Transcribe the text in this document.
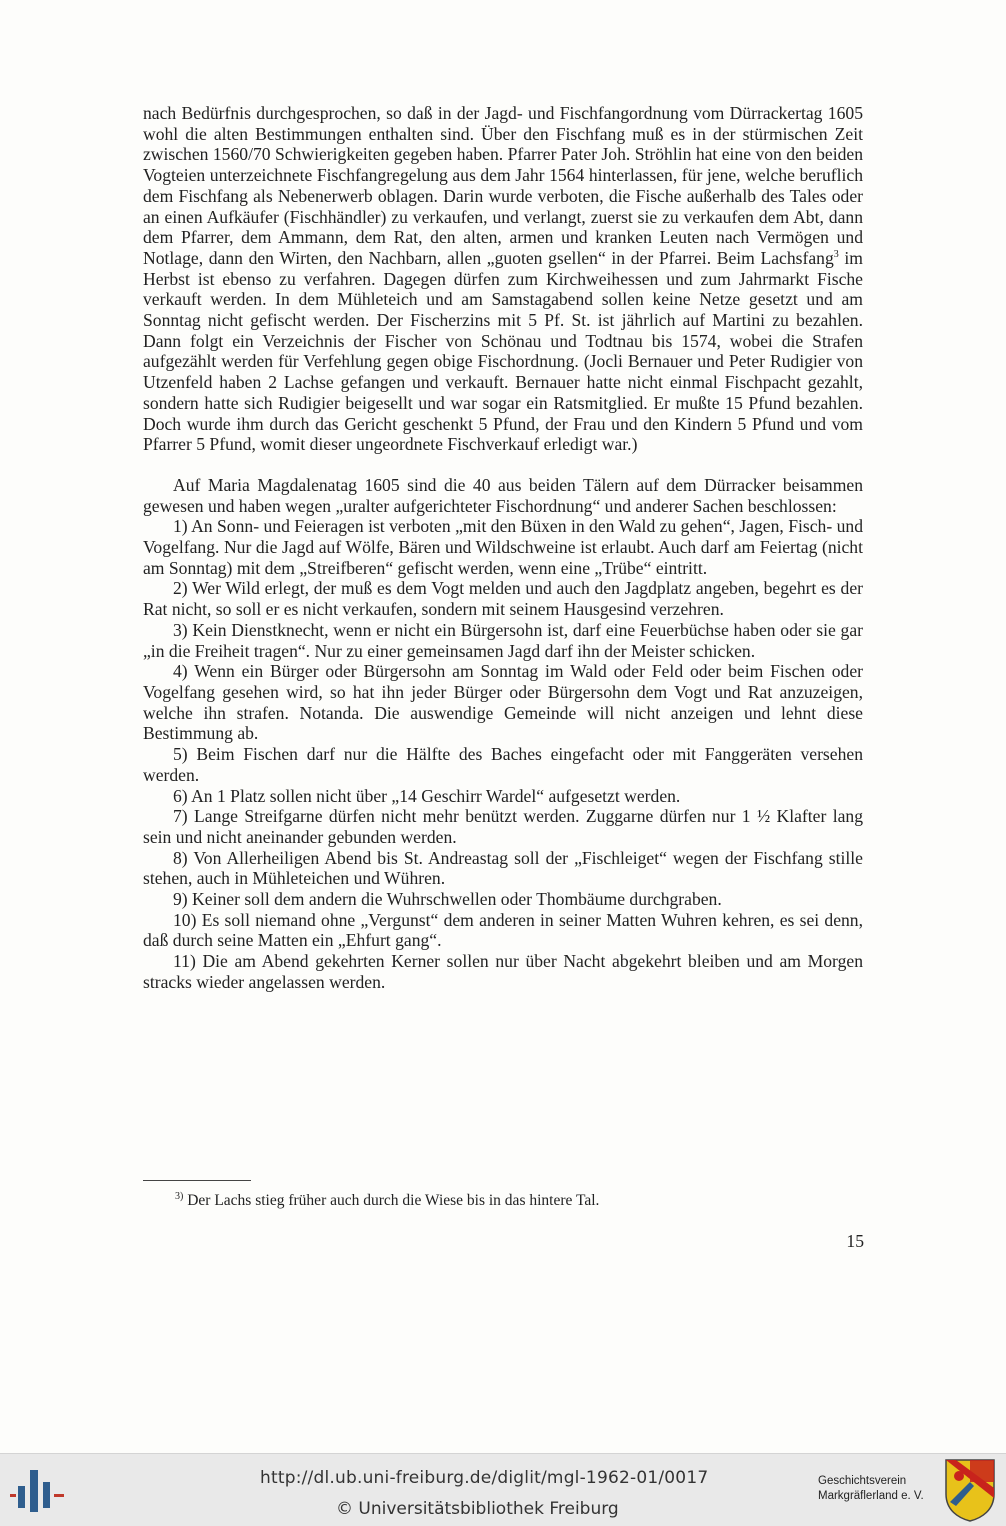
nach Bedürfnis durchgesprochen, so daß in der Jagd- und Fischfangordnung vom Dürrackertag 1605 wohl die alten Bestimmungen enthalten sind. Über den Fischfang muß es in der stürmischen Zeit zwischen 1560/70 Schwierigkeiten gegeben haben. Pfarrer Pater Joh. Ströhlin hat eine von den beiden Vogteien unterzeichnete Fischfangregelung aus dem Jahr 1564 hinterlassen, für jene, welche beruflich dem Fischfang als Nebenerwerb oblagen. Darin wurde verboten, die Fische außerhalb des Tales oder an einen Aufkäufer (Fischhändler) zu verkaufen, und verlangt, zuerst sie zu verkaufen dem Abt, dann dem Pfarrer, dem Ammann, dem Rat, den alten, armen und kranken Leuten nach Vermögen und Notlage, dann den Wirten, den Nachbarn, allen „guoten gsellen“ in der Pfarrei. Beim Lachsfang$^3$ im Herbst ist ebenso zu verfahren. Dagegen dürfen zum Kirchweihessen und zum Jahrmarkt Fische verkauft werden. In dem Mühleteich und am Samstagabend sollen keine Netze gesetzt und am Sonntag nicht gefischt werden. Der Fischerzins mit 5 Pf. St. ist jährlich auf Martini zu bezahlen. Dann folgt ein Verzeichnis der Fischer von Schönau und Todtnau bis 1574, wobei die Strafen aufgezählt werden für Verfehlung gegen obige Fischordnung. (Jocli Bernauer und Peter Rudigier von Utzenfeld haben 2 Lachse gefangen und verkauft. Bernauer hatte nicht einmal Fischpacht gezahlt, sondern hatte sich Rudigier beigesellt und war sogar ein Ratsmitglied. Er mußte 15 Pfund bezahlen. Doch wurde ihm durch das Gericht geschenkt 5 Pfund, der Frau und den Kindern 5 Pfund und vom Pfarrer 5 Pfund, womit dieser ungeordnete Fischverkauf erledigt war.)

Auf Maria Magdalenatag 1605 sind die 40 aus beiden Tälern auf dem Dürracker beisammen gewesen und haben wegen „uralter aufgerichteter Fischordnung“ und anderer Sachen beschlossen:

1) An Sonn- und Feieragen ist verboten „mit den Büxen in den Wald zu gehen“, Jagen, Fisch- und Vogelfang. Nur die Jagd auf Wölfe, Bären und Wildschweine ist erlaubt. Auch darf am Feiertag (nicht am Sonntag) mit dem „Streifberen“ gefischt werden, wenn eine „Trübe“ eintritt.

2) Wer Wild erlegt, der muß es dem Vogt melden und auch den Jagdplatz angeben, begehrt es der Rat nicht, so soll er es nicht verkaufen, sondern mit seinem Hausgesind verzehren.

3) Kein Dienstknecht, wenn er nicht ein Bürgersohn ist, darf eine Feuerbüchse haben oder sie gar „in die Freiheit tragen“. Nur zu einer gemeinsamen Jagd darf ihn der Meister schicken.

4) Wenn ein Bürger oder Bürgersohn am Sonntag im Wald oder Feld oder beim Fischen oder Vogelfang gesehen wird, so hat ihn jeder Bürger oder Bürgersohn dem Vogt und Rat anzuzeigen, welche ihn strafen. Notanda. Die auswendige Gemeinde will nicht anzeigen und lehnt diese Bestimmung ab.

5) Beim Fischen darf nur die Hälfte des Baches eingefacht oder mit Fanggeräten versehen werden.

6) An 1 Platz sollen nicht über „14 Geschirr Wardel“ aufgesetzt werden.

7) Lange Streifgarne dürfen nicht mehr benützt werden. Zuggarne dürfen nur 1 ½ Klafter lang sein und nicht aneinander gebunden werden.

8) Von Allerheiligen Abend bis St. Andreastag soll der „Fischleiget“ wegen der Fischfang stille stehen, auch in Mühleteichen und Wühren.

9) Keiner soll dem andern die Wuhrschwellen oder Thombäume durchgraben.

10) Es soll niemand ohne „Vergunst“ dem anderen in seiner Matten Wuhren kehren, es sei denn, daß durch seine Matten ein „Ehfurt gang“.

11) Die am Abend gekehrten Kerner sollen nur über Nacht abgekehrt bleiben und am Morgen stracks wieder angelassen werden.

$^{3)}$ Der Lachs stieg früher auch durch die Wiese bis in das hintere Tal.
15
http://dl.ub.uni-freiburg.de/diglit/mgl-1962-01/0017
© Universitätsbibliothek Freiburg
Geschichtsverein
Markgräflerland e. V.
